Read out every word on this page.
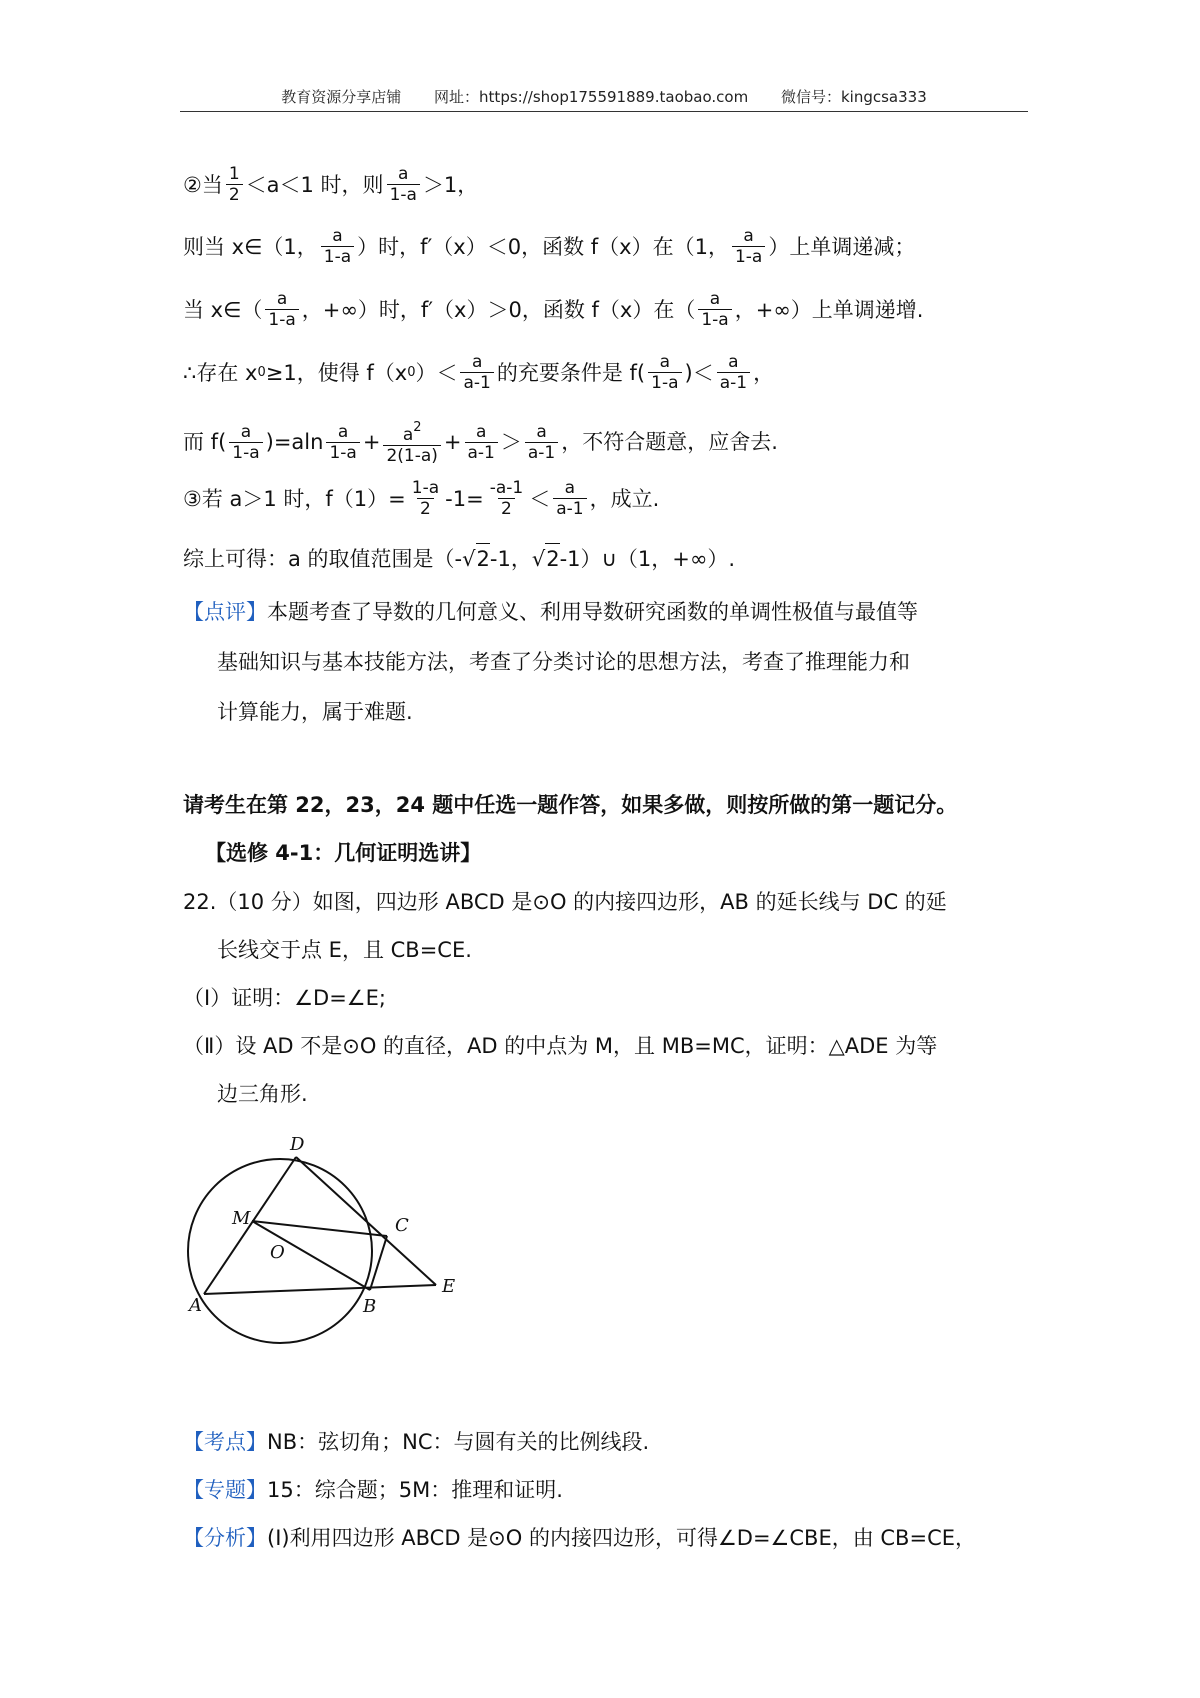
教育资源分享店铺 网址：https://shop175591889.taobao.com 微信号：kingcsa333
②当 $\frac{1}{2} <a<1$ 时，则 $\frac{a}{1-a} >1$，
则当 x∈（1， $\frac{a}{1-a}$ ）时，f′（x）＜0，函数 f（x）在（1， $\frac{a}{1-a}$ ）上单调递减；
当 x∈（ $\frac{a}{1-a}$ ，+∞）时，f′（x）＞0，函数 f（x）在（ $\frac{a}{1-a}$ ，+∞）上单调递增.
∴存在 x 0 ≥1，使得 f（x 0 ）＜ $\frac{a}{a-1}$ 的充要条件是 $f( \frac{a}{1-a}$ )＜ $\frac{a}{a-1}$ ，
而 $f( \frac{a}{1-a} )=aln \frac{a}{1-a} + \frac{a^2}{2(1-a)} + \frac{a}{a-1} > \frac{a}{a-1}$ ，不符合题意，应舍去.
③若 a＞1 时，$f(1)= \frac{1-a}{2} -1= \frac{-a-1}{2} < \frac{a}{a-1}$ ，成立.
综上可得：a 的取值范围是（- √ 2 -1， √ 2 -1）∪（1，+∞）.
【点评】 本题考查了导数的几何意义、利用导数研究函数的单调性极值与最值等
基础知识与基本技能方法，考查了分类讨论的思想方法，考查了推理能力和
计算能力，属于难题.
请考生在第 22，23，24 题中任选一题作答，如果多做，则按所做的第一题记分。
【选修 4-1：几何证明选讲】
22.（10 分）如图，四边形 ABCD 是⊙O 的内接四边形，AB 的延长线与 DC 的延
长线交于点 E，且 CB=CE.
（Ⅰ）证明：∠D=∠E;
（Ⅱ）设 AD 不是⊙O 的直径，AD 的中点为 M，且 MB=MC，证明：△ADE 为等
边三角形.
D
M	C
O
A	B
E
【考点】 NB：弦切角；NC：与圆有关的比例线段.
【专题】 15：综合题；5M：推理和证明.
【分析】 (Ⅰ)利用四边形 ABCD 是⊙O 的内接四边形，可得∠D=∠CBE，由 CB=CE，
